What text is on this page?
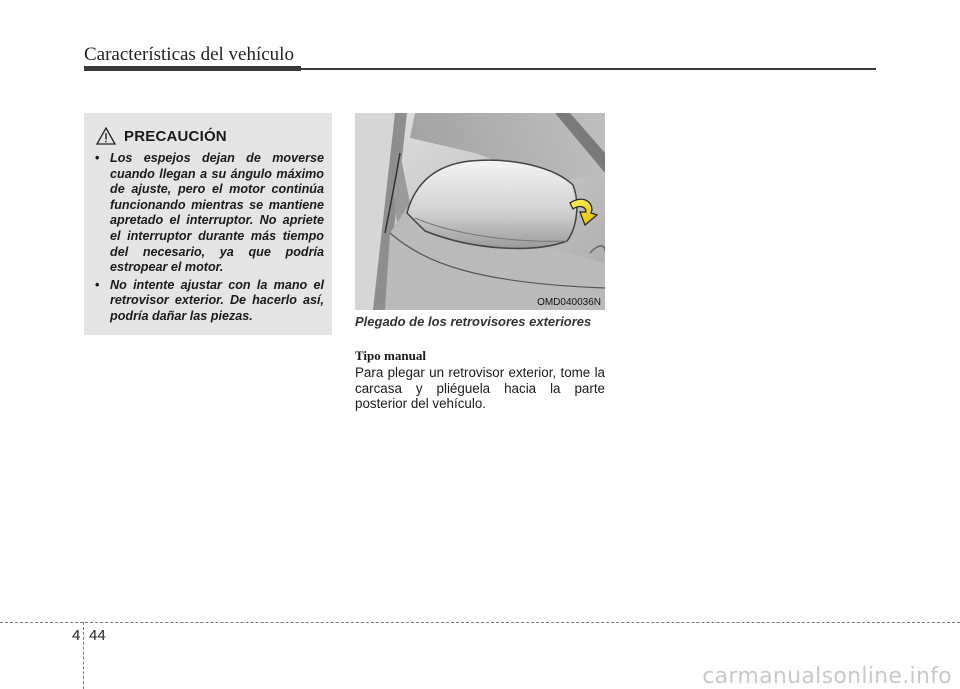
Características del vehículo
PRECAUCIÓN
• Los espejos dejan de moverse cuando llegan a su ángulo máximo de ajuste, pero el motor continúa funcionando mientras se mantiene apretado el interruptor. No apriete el interruptor durante más tiempo del necesario, ya que podría estropear el motor.
• No intente ajustar con la mano el retrovisor exterior. De hacerlo así, podría dañar las piezas.
OMD040036N
Plegado de los retrovisores exteriores
Tipo manual
Para plegar un retrovisor exterior, tome la carcasa y pliéguela hacia la parte posterior del vehículo.
4 44
carmanualsonline.info
